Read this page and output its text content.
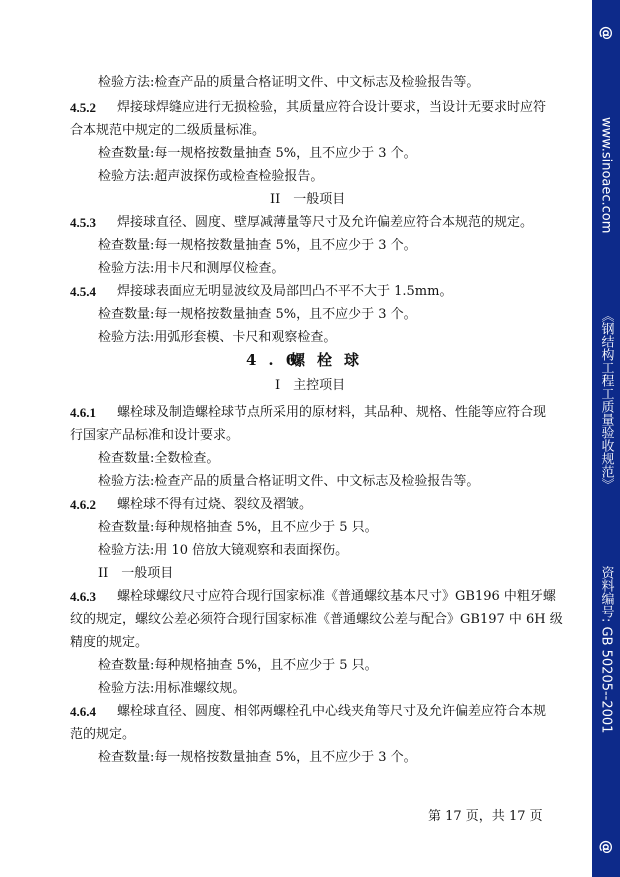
检验方法:检查产品的质量合格证明文件、中文标志及检验报告等。
4.5.2 焊接球焊缝应进行无损检验，其质量应符合设计要求，当设计无要求时应符
合本规范中规定的二级质量标准。
检查数量:每一规格按数量抽查 5%，且不应少于 3 个。
检验方法:超声波探伤或检查检验报告。
II　一般项目
4.5.3 焊接球直径、圆度、壁厚减薄量等尺寸及允许偏差应符合本规范的规定。
检查数量:每一规格按数量抽查 5%，且不应少于 3 个。
检验方法:用卡尺和测厚仪检查。
4.5.4 焊接球表面应无明显波纹及局部凹凸不平不大于 1.5mm。
检查数量:每一规格按数量抽查 5%，且不应少于 3 个。
检验方法:用弧形套模、卡尺和观察检查。
4.6
螺栓球
I　主控项目
4.6.1 螺栓球及制造螺栓球节点所采用的原材料，其品种、规格、性能等应符合现
行国家产品标准和设计要求。
检查数量:全数检查。
检验方法:检查产品的质量合格证明文件、中文标志及检验报告等。
4.6.2 螺栓球不得有过烧、裂纹及褶皱。
检查数量:每种规格抽查 5%，且不应少于 5 只。
检验方法:用 10 倍放大镜观察和表面探伤。
II　一般项目
4.6.3 螺栓球螺纹尺寸应符合现行国家标准《普通螺纹基本尺寸》GB196 中粗牙螺
纹的规定，螺纹公差必须符合现行国家标准《普通螺纹公差与配合》GB197 中 6H 级
精度的规定。
检查数量:每种规格抽查 5%，且不应少于 5 只。
检验方法:用标准螺纹规。
4.6.4 螺栓球直径、圆度、相邻两螺栓孔中心线夹角等尺寸及允许偏差应符合本规
范的规定。
检查数量:每一规格按数量抽查 5%，且不应少于 3 个。
第 17 页，共 17 页
@
www.sinoaec.com
《钢结构工程工质量验收规范》
资料编号: GB 50205--2001
@
